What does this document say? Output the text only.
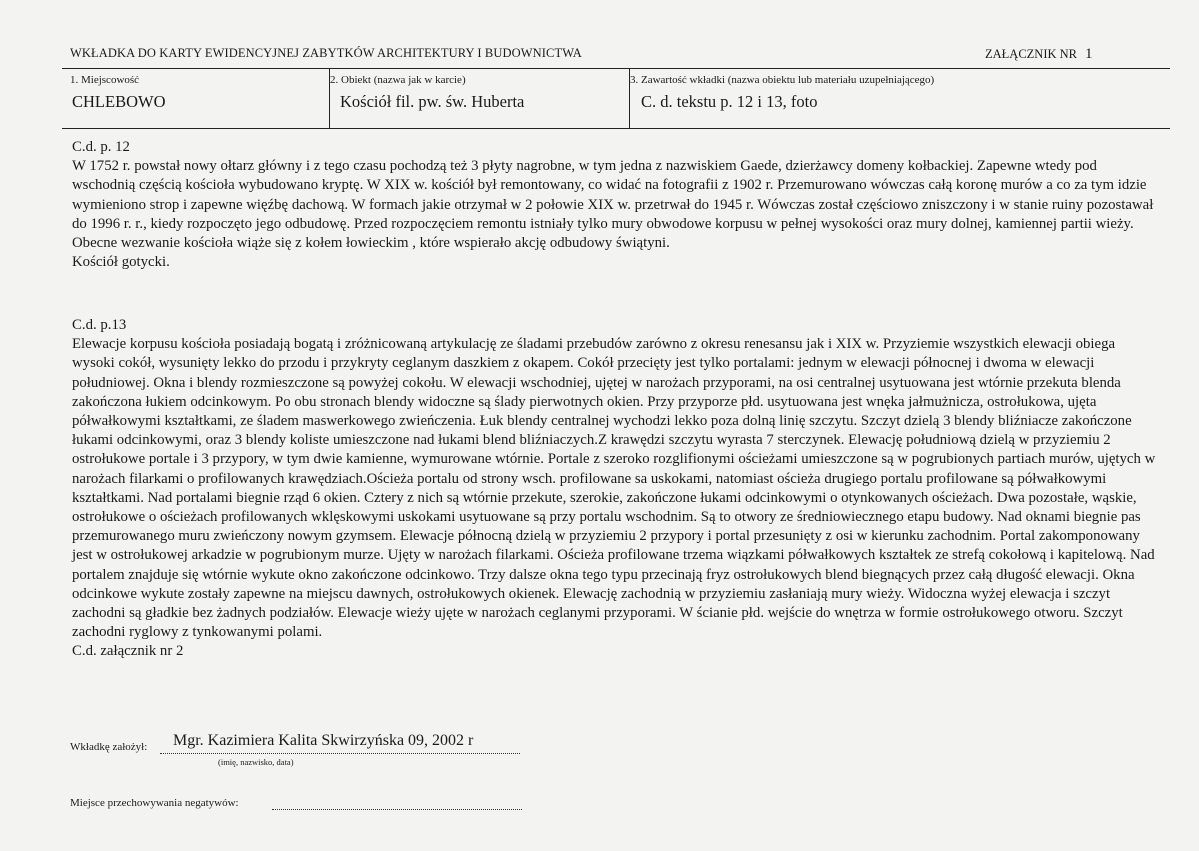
WKŁADKA DO KARTY EWIDENCYJNEJ ZABYTKÓW ARCHITEKTURY I BUDOWNICTWA	ZAŁĄCZNIK NR 1
1. Miejscowość
CHLEBOWO
2. Obiekt (nazwa jak w karcie)
Kościół fil. pw. św. Huberta
3. Zawartość wkładki (nazwa obiektu lub materiału uzupełniającego)
C. d. tekstu p. 12 i 13, foto

C.d. p. 12

W 1752 r. powstał nowy ołtarz główny i z tego czasu pochodzą też 3 płyty nagrobne, w tym jedna z nazwiskiem Gaede, dzierżawcy domeny kołbackiej. Zapewne wtedy pod wschodnią częścią kościoła wybudowano kryptę. W XIX w. kościół był remontowany, co widać na fotografii z 1902 r. Przemurowano wówczas całą koronę murów a co za tym idzie wymieniono strop i zapewne więźbę dachową. W formach jakie otrzymał w 2 połowie XIX w. przetrwał do 1945 r. Wówczas został częściowo zniszczony i w stanie ruiny pozostawał do 1996 r. r., kiedy rozpoczęto jego odbudowę. Przed rozpoczęciem remontu istniały tylko mury obwodowe korpusu w pełnej wysokości oraz mury dolnej, kamiennej partii wieży. Obecne wezwanie kościoła wiąże się z kołem łowieckim , które wspierało akcję odbudowy świątyni.

Kościół gotycki.

C.d. p.13

Elewacje korpusu kościoła posiadają bogatą i zróżnicowaną artykulację ze śladami przebudów zarówno z okresu renesansu jak i XIX w. Przyziemie wszystkich elewacji obiega wysoki cokół, wysunięty lekko do przodu i przykryty ceglanym daszkiem z okapem. Cokół przecięty jest tylko portalami: jednym w elewacji północnej i dwoma w elewacji południowej. Okna i blendy rozmieszczone są powyżej cokołu. W elewacji wschodniej, ujętej w narożach przyporami, na osi centralnej usytuowana jest wtórnie przekuta blenda zakończona łukiem odcinkowym. Po obu stronach blendy widoczne są ślady pierwotnych okien. Przy przyporze płd. usytuowana jest wnęka jałmużnicza, ostrołukowa, ujęta półwałkowymi kształtkami, ze śladem maswerkowego zwieńczenia. Łuk blendy centralnej wychodzi lekko poza dolną linię szczytu. Szczyt dzielą 3 blendy bliźniacze zakończone łukami odcinkowymi, oraz 3 blendy koliste umieszczone nad łukami blend bliźniaczych.Z krawędzi szczytu wyrasta 7 sterczynek. Elewację południową dzielą w przyziemiu 2 ostrołukowe portale i 3 przypory, w tym dwie kamienne, wymurowane wtórnie. Portale z szeroko rozglifionymi ościeżami umieszczone są w pogrubionych partiach murów, ujętych w narożach filarkami o profilowanych krawędziach.Ościeża portalu od strony wsch. profilowane sa uskokami, natomiast ościeża drugiego portalu profilowane są półwałkowymi kształtkami. Nad portalami biegnie rząd 6 okien. Cztery z nich są wtórnie przekute, szerokie, zakończone łukami odcinkowymi o otynkowanych ościeżach. Dwa pozostałe, wąskie, ostrołukowe o ościeżach profilowanych wklęskowymi uskokami usytuowane są przy portalu wschodnim. Są to otwory ze średniowiecznego etapu budowy. Nad oknami biegnie pas przemurowanego muru zwieńczony nowym gzymsem. Elewacje północną dzielą w przyziemiu 2 przypory i portal przesunięty z osi w kierunku zachodnim. Portal zakomponowany jest w ostrołukowej arkadzie w pogrubionym murze. Ujęty w narożach filarkami. Ościeża profilowane trzema wiązkami półwałkowych kształtek ze strefą cokołową i kapitelową. Nad portalem znajduje się wtórnie wykute okno zakończone odcinkowo. Trzy dalsze okna tego typu przecinają fryz ostrołukowych blend biegnących przez całą długość elewacji. Okna odcinkowe wykute zostały zapewne na miejscu dawnych, ostrołukowych okienek. Elewację zachodnią w przyziemiu zasłaniają mury wieży. Widoczna wyżej elewacja i szczyt zachodni są gładkie bez żadnych podziałów. Elewacje wieży ujęte w narożach ceglanymi przyporami. W ścianie płd. wejście do wnętrza w formie ostrołukowego otworu. Szczyt zachodni ryglowy z tynkowanymi polami.

C.d. załącznik nr 2

Wkładkę założył: Mgr. Kazimiera Kalita Skwirzyńska 09, 2002 r
(imię, nazwisko, data)
Miejsce przechowywania negatywów:
